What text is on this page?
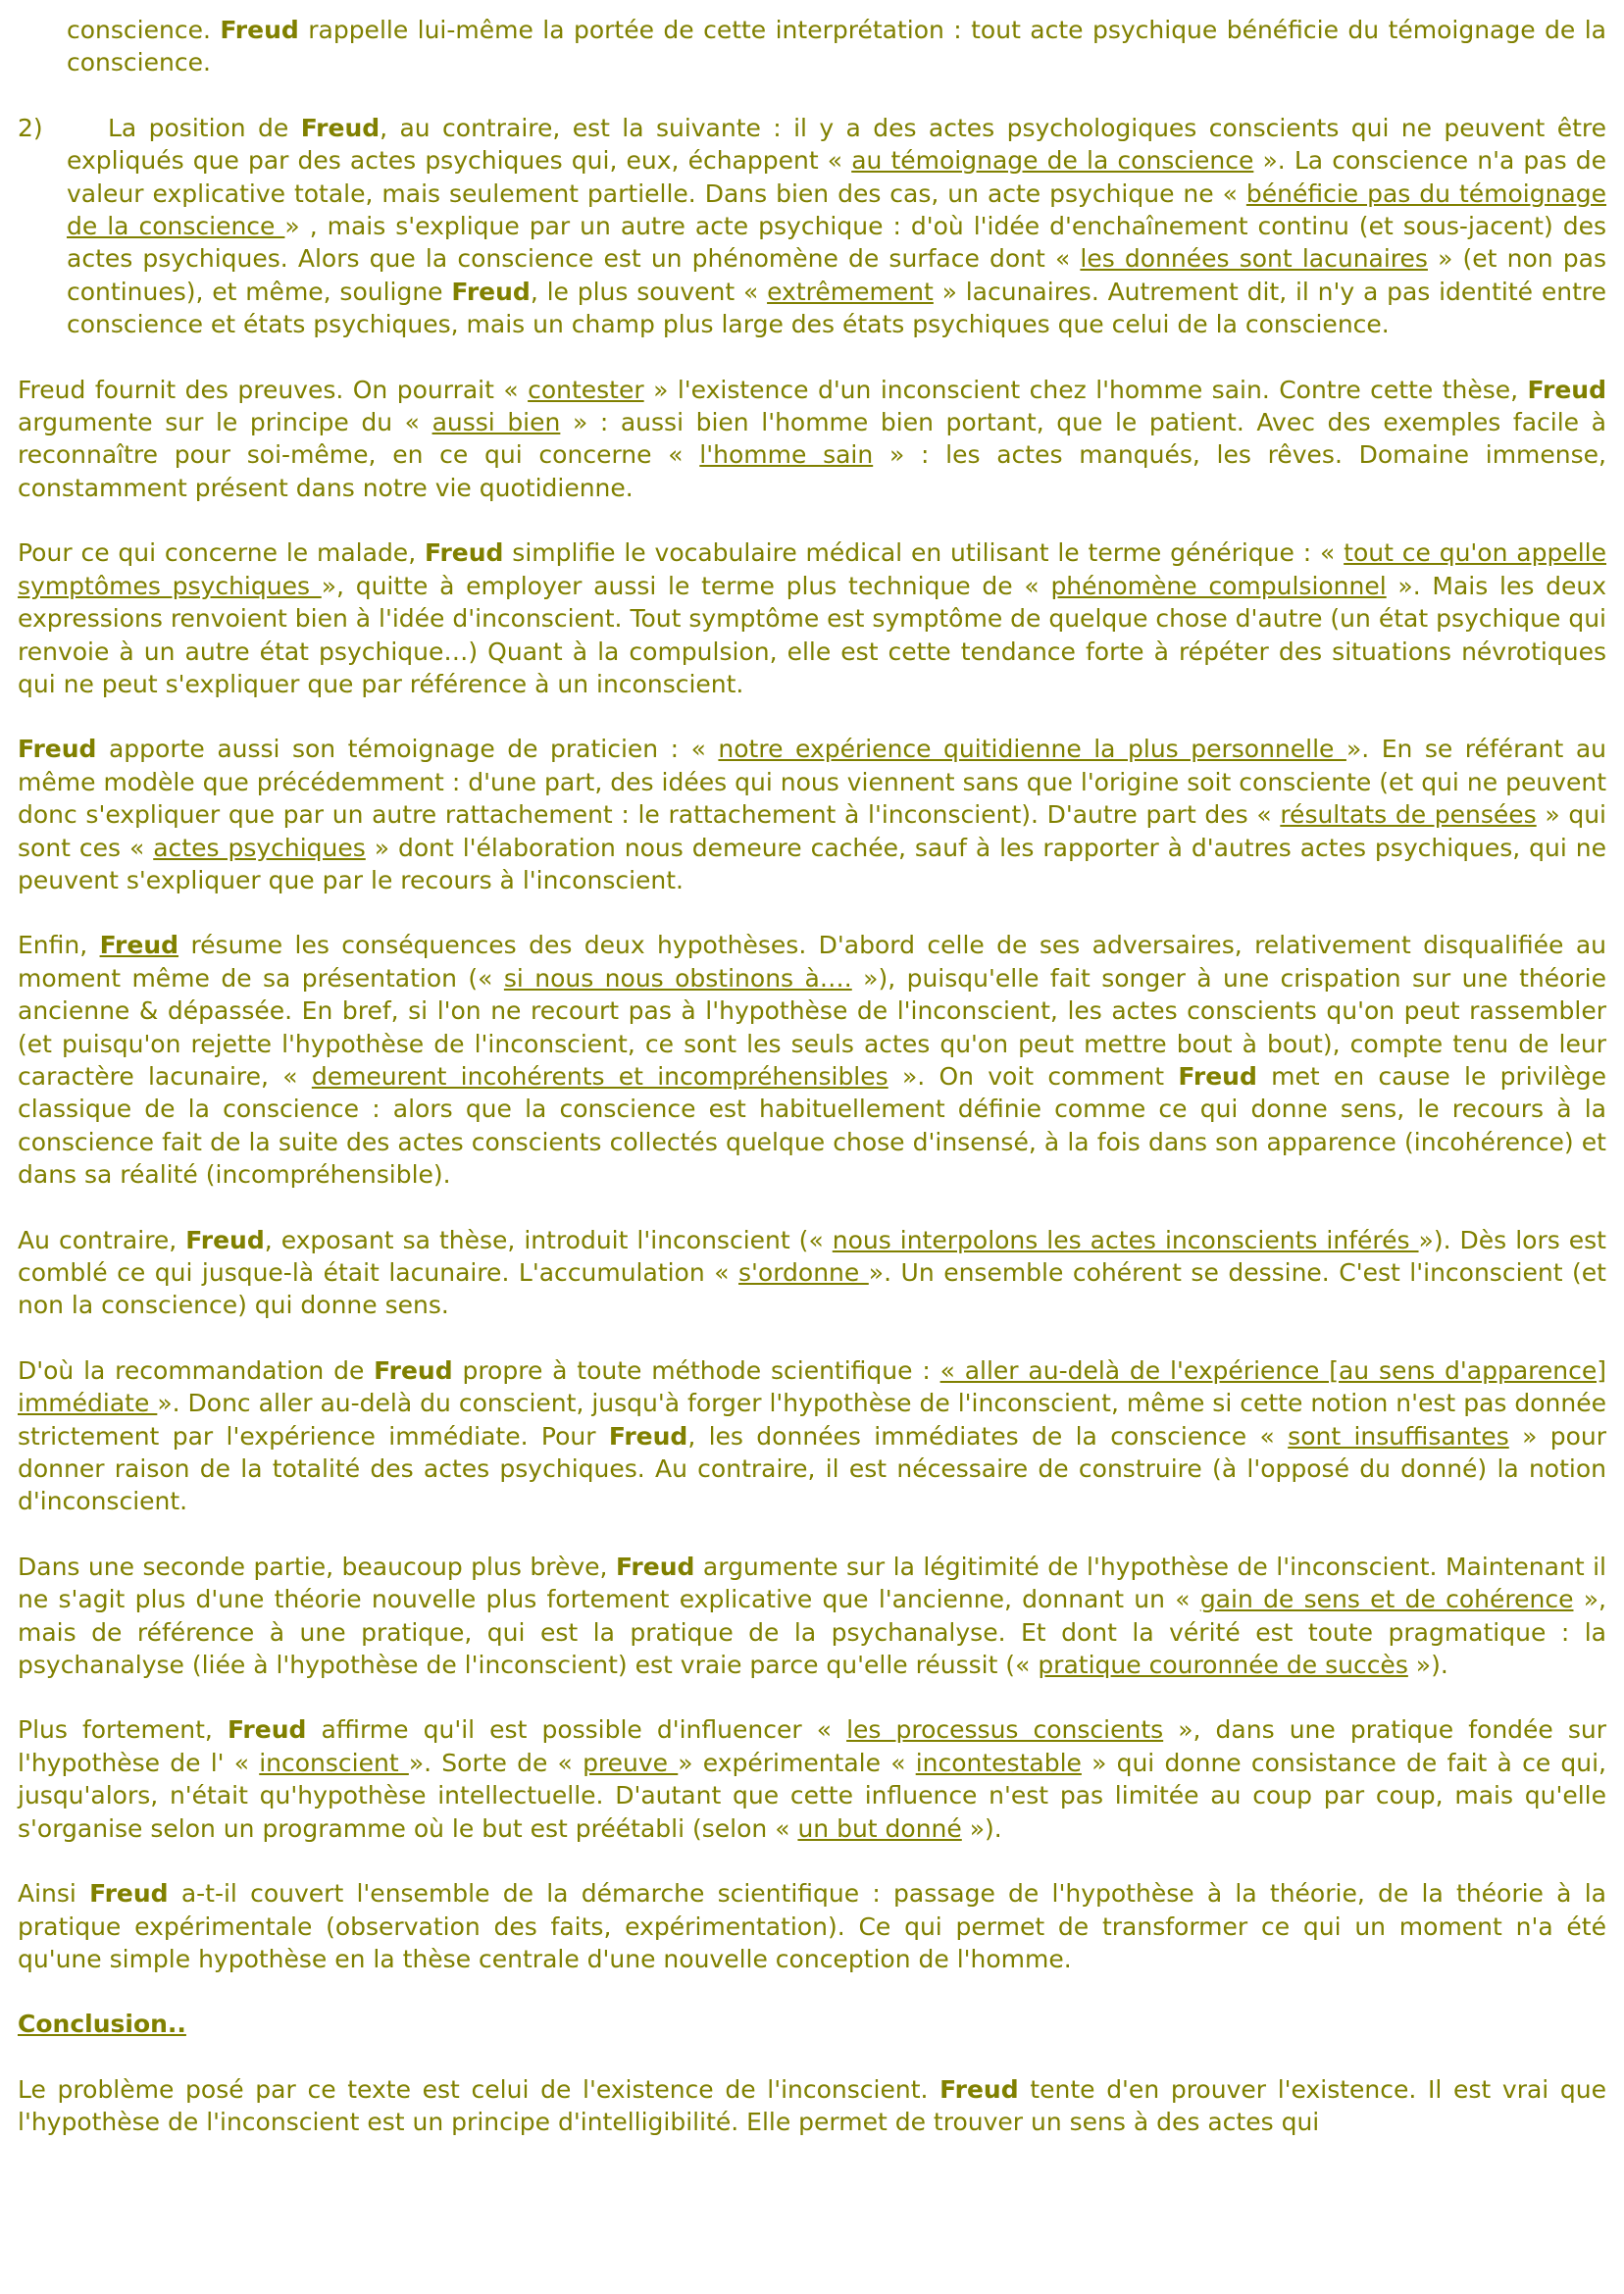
conscience. Freud rappelle lui-même la portée de cette interprétation : tout acte psychique bénéficie du témoignage de la conscience.

2)	La position de Freud, au contraire, est la suivante : il y a des actes psychologiques conscients qui ne peuvent être expliqués que par des actes psychiques qui, eux, échappent « au témoignage de la conscience ». La conscience n'a pas de valeur explicative totale, mais seulement partielle. Dans bien des cas, un acte psychique ne « bénéficie pas du témoignage de la conscience » , mais s'explique par un autre acte psychique : d'où l'idée d'enchaînement continu (et sous-jacent) des actes psychiques. Alors que la conscience est un phénomène de surface dont « les données sont lacunaires » (et non pas continues), et même, souligne Freud, le plus souvent « extrêmement » lacunaires. Autrement dit, il n'y a pas identité entre conscience et états psychiques, mais un champ plus large des états psychiques que celui de la conscience.

Freud fournit des preuves. On pourrait « contester » l'existence d'un inconscient chez l'homme sain. Contre cette thèse, Freud argumente sur le principe du « aussi bien » : aussi bien l'homme bien portant, que le patient. Avec des exemples facile à reconnaître pour soi-même, en ce qui concerne « l'homme sain » : les actes manqués, les rêves. Domaine immense, constamment présent dans notre vie quotidienne.

Pour ce qui concerne le malade, Freud simplifie le vocabulaire médical en utilisant le terme générique : « tout ce qu'on appelle symptômes psychiques », quitte à employer aussi le terme plus technique de « phénomène compulsionnel ». Mais les deux expressions renvoient bien à l'idée d'inconscient. Tout symptôme est symptôme de quelque chose d'autre (un état psychique qui renvoie à un autre état psychique…) Quant à la compulsion, elle est cette tendance forte à répéter des situations névrotiques qui ne peut s'expliquer que par référence à un inconscient.

Freud apporte aussi son témoignage de praticien : « notre expérience quitidienne la plus personnelle ». En se référant au même modèle que précédemment : d'une part, des idées qui nous viennent sans que l'origine soit consciente (et qui ne peuvent donc s'expliquer que par un autre rattachement : le rattachement à l'inconscient). D'autre part des « résultats de pensées » qui sont ces « actes psychiques » dont l'élaboration nous demeure cachée, sauf à les rapporter à d'autres actes psychiques, qui ne peuvent s'expliquer que par le recours à l'inconscient.

Enfin, Freud résume les conséquences des deux hypothèses. D'abord celle de ses adversaires, relativement disqualifiée au moment même de sa présentation (« si nous nous obstinons à…. »), puisqu'elle fait songer à une crispation sur une théorie ancienne & dépassée. En bref, si l'on ne recourt pas à l'hypothèse de l'inconscient, les actes conscients qu'on peut rassembler (et puisqu'on rejette l'hypothèse de l'inconscient, ce sont les seuls actes qu'on peut mettre bout à bout), compte tenu de leur caractère lacunaire, « demeurent incohérents et incompréhensibles ». On voit comment Freud met en cause le privilège classique de la conscience : alors que la conscience est habituellement définie comme ce qui donne sens, le recours à la conscience fait de la suite des actes conscients collectés quelque chose d'insensé, à la fois dans son apparence (incohérence) et dans sa réalité (incompréhensible).

Au contraire, Freud, exposant sa thèse, introduit l'inconscient (« nous interpolons les actes inconscients inférés »). Dès lors est comblé ce qui jusque-là était lacunaire. L'accumulation « s'ordonne ». Un ensemble cohérent se dessine. C'est l'inconscient (et non la conscience) qui donne sens.

D'où la recommandation de Freud propre à toute méthode scientifique : « aller au-delà de l'expérience [au sens d'apparence] immédiate ». Donc aller au-delà du conscient, jusqu'à forger l'hypothèse de l'inconscient, même si cette notion n'est pas donnée strictement par l'expérience immédiate. Pour Freud, les données immédiates de la conscience « sont insuffisantes » pour donner raison de la totalité des actes psychiques. Au contraire, il est nécessaire de construire (à l'opposé du donné) la notion d'inconscient.

Dans une seconde partie, beaucoup plus brève, Freud argumente sur la légitimité de l'hypothèse de l'inconscient. Maintenant il ne s'agit plus d'une théorie nouvelle plus fortement explicative que l'ancienne, donnant un « gain de sens et de cohérence », mais de référence à une pratique, qui est la pratique de la psychanalyse. Et dont la vérité est toute pragmatique : la psychanalyse (liée à l'hypothèse de l'inconscient) est vraie parce qu'elle réussit (« pratique couronnée de succès »).

Plus fortement, Freud affirme qu'il est possible d'influencer « les processus conscients », dans une pratique fondée sur l'hypothèse de l' « inconscient ». Sorte de « preuve » expérimentale « incontestable » qui donne consistance de fait à ce qui, jusqu'alors, n'était qu'hypothèse intellectuelle. D'autant que cette influence n'est pas limitée au coup par coup, mais qu'elle s'organise selon un programme où le but est préétabli (selon « un but donné »).

Ainsi Freud a-t-il couvert l'ensemble de la démarche scientifique : passage de l'hypothèse à la théorie, de la théorie à la pratique expérimentale (observation des faits, expérimentation). Ce qui permet de transformer ce qui un moment n'a été qu'une simple hypothèse en la thèse centrale d'une nouvelle conception de l'homme.

Conclusion..

Le problème posé par ce texte est celui de l'existence de l'inconscient. Freud tente d'en prouver l'existence. Il est vrai que l'hypothèse de l'inconscient est un principe d'intelligibilité. Elle permet de trouver un sens à des actes qui
